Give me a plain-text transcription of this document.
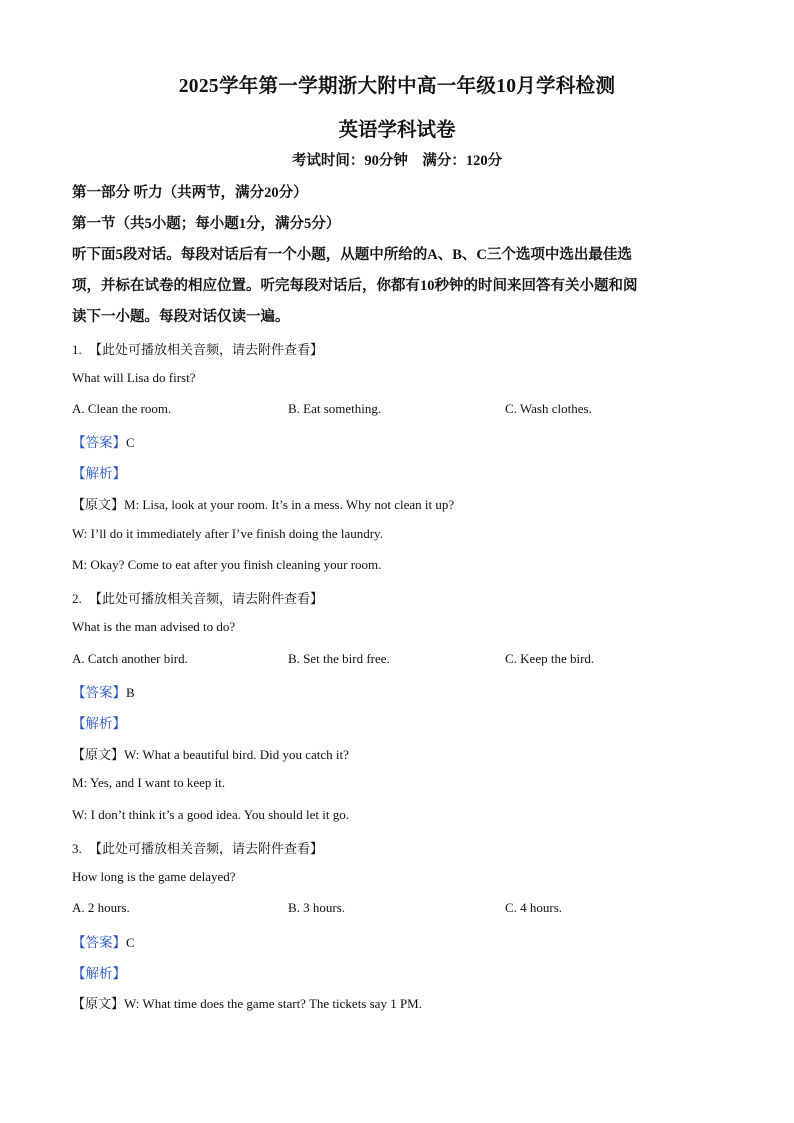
2025学年第一学期浙大附中高一年级10月学科检测
英语学科试卷
考试时间：90分钟　满分：120分
第一部分 听力（共两节，满分20分）
第一节（共5小题；每小题1分，满分5分）
听下面5段对话。每段对话后有一个小题，从题中所给的A、B、C三个选项中选出最佳选
项，并标在试卷的相应位置。听完每段对话后，你都有10秒钟的时间来回答有关小题和阅
读下一小题。每段对话仅读一遍。
1. 【此处可播放相关音频，请去附件查看】
What will Lisa do first?
A. Clean the room.	B. Eat something.	C. Wash clothes.
【答案】C
【解析】
【原文】M: Lisa, look at your room. It’s in a mess. Why not clean it up?
W: I’ll do it immediately after I’ve finish doing the laundry.
M: Okay? Come to eat after you finish cleaning your room.
2. 【此处可播放相关音频，请去附件查看】
What is the man advised to do?
A. Catch another bird.	B. Set the bird free.	C. Keep the bird.
【答案】B
【解析】
【原文】W: What a beautiful bird. Did you catch it?
M: Yes, and I want to keep it.
W: I don’t think it’s a good idea. You should let it go.
3. 【此处可播放相关音频，请去附件查看】
How long is the game delayed?
A. 2 hours.	B. 3 hours.	C. 4 hours.
【答案】C
【解析】
【原文】W: What time does the game start? The tickets say 1 PM.
